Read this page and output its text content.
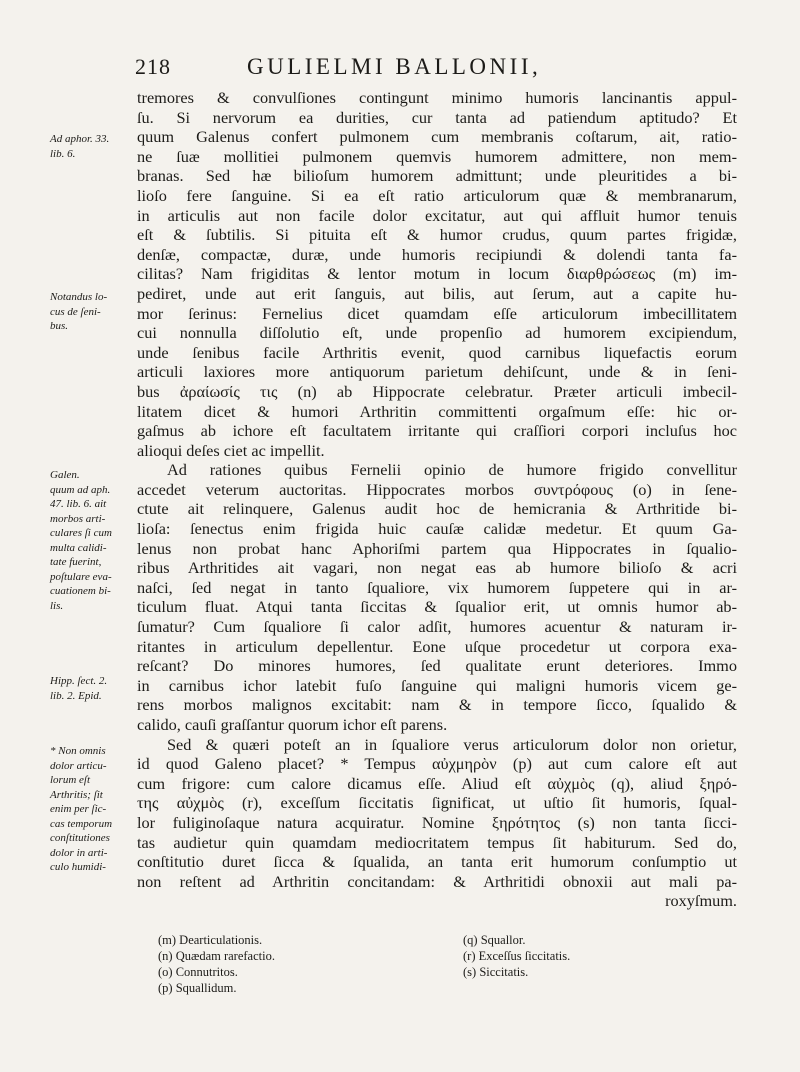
218	GULIELMI BALLONII,
tremores & convulſiones contingunt minimo humoris lancinantis appul-
ſu. Si nervorum ea durities, cur tanta ad patiendum aptitudo? Et
quum Galenus confert pulmonem cum membranis coſtarum, ait, ratio-
ne ſuæ mollitiei pulmonem quemvis humorem admittere, non mem-
branas. Sed hæ bilioſum humorem admittunt; unde pleuritides a bi-
lioſo fere ſanguine. Si ea eſt ratio articulorum quæ & membranarum,
in articulis aut non facile dolor excitatur, aut qui affluit humor tenuis
eſt & ſubtilis. Si pituita eſt & humor crudus, quum partes frigidæ,
denſæ, compactæ, duræ, unde humoris recipiundi & dolendi tanta fa-
cilitas? Nam frigiditas & lentor motum in locum διαρθρώσεως (m) im-
pediret, unde aut erit ſanguis, aut bilis, aut ſerum, aut a capite hu-
mor ſerinus: Fernelius dicet quamdam eſſe articulorum imbecillitatem
cui nonnulla diſſolutio eſt, unde propenſio ad humorem excipiendum,
unde ſenibus facile Arthritis evenit, quod carnibus liquefactis eorum
articuli laxiores more antiquorum parietum dehiſcunt, unde & in ſeni-
bus ἀραίωσίς τις (n) ab Hippocrate celebratur. Præter articuli imbecil-
litatem dicet & humori Arthritin committenti orgaſmum eſſe: hic or-
gaſmus ab ichore eſt facultatem irritante qui craſſiori corpori incluſus hoc
alioqui deſes ciet ac impellit.
Ad rationes quibus Fernelii opinio de humore frigido convellitur
accedet veterum auctoritas. Hippocrates morbos συντρόφους (o) in ſene-
ctute ait relinquere, Galenus audit hoc de hemicrania & Arthritide bi-
lioſa: ſenectus enim frigida huic cauſæ calidæ medetur. Et quum Ga-
lenus non probat hanc Aphoriſmi partem qua Hippocrates in ſqualio-
ribus Arthritides ait vagari, non negat eas ab humore bilioſo & acri
naſci, ſed negat in tanto ſqualiore, vix humorem ſuppetere qui in ar-
ticulum fluat. Atqui tanta ſiccitas & ſqualior erit, ut omnis humor ab-
ſumatur? Cum ſqualiore ſi calor adſit, humores acuentur & naturam ir-
ritantes in articulum depellentur. Eone uſque procedetur ut corpora exa-
reſcant? Do minores humores, ſed qualitate erunt deteriores. Immo
in carnibus ichor latebit fuſo ſanguine qui maligni humoris vicem ge-
rens morbos malignos excitabit: nam & in tempore ſicco, ſqualido &
calido, cauſi graſſantur quorum ichor eſt parens.
Sed & quæri poteſt an in ſqualiore verus articulorum dolor non orietur,
id quod Galeno placet? * Tempus αὐχμηρὸν (p) aut cum calore eſt aut
cum frigore: cum calore dicamus eſſe. Aliud eſt αὐχμὸς (q), aliud ξηρό-
της αὐχμὸς (r), exceſſum ſiccitatis ſignificat, ut uſtio ſit humoris, ſqual-
lor fuliginoſaque natura acquiratur. Nomine ξηρότητος (s) non tanta ſicci-
tas audietur quin quamdam mediocritatem tempus ſit habiturum. Sed do,
conſtitutio duret ſicca & ſqualida, an tanta erit humorum conſumptio ut
non reſtent ad Arthritin concitandam: & Arthritidi obnoxii aut mali pa-
roxyſmum.
Ad aphor. 33.
lib. 6.
Notandus lo-
cus de ſeni-
bus.
Galen.
quum ad aph.
47. lib. 6. ait
morbos arti-
culares ſi cum
multa calidi-
tate fuerint,
poſtulare eva-
cuationem bi-
lis.
Hipp. ſect. 2.
lib. 2. Epid.
* Non omnis
dolor articu-
lorum eſt
Arthritis; ſit
enim per ſic-
cas temporum
conſtitutiones
dolor in arti-
culo humidi-
(m) Dearticulationis.
(n) Quædam rarefactio.
(o) Connutritos.
(p) Squallidum.
(q) Squallor.
(r) Exceſſus ſiccitatis.
(s) Siccitatis.
